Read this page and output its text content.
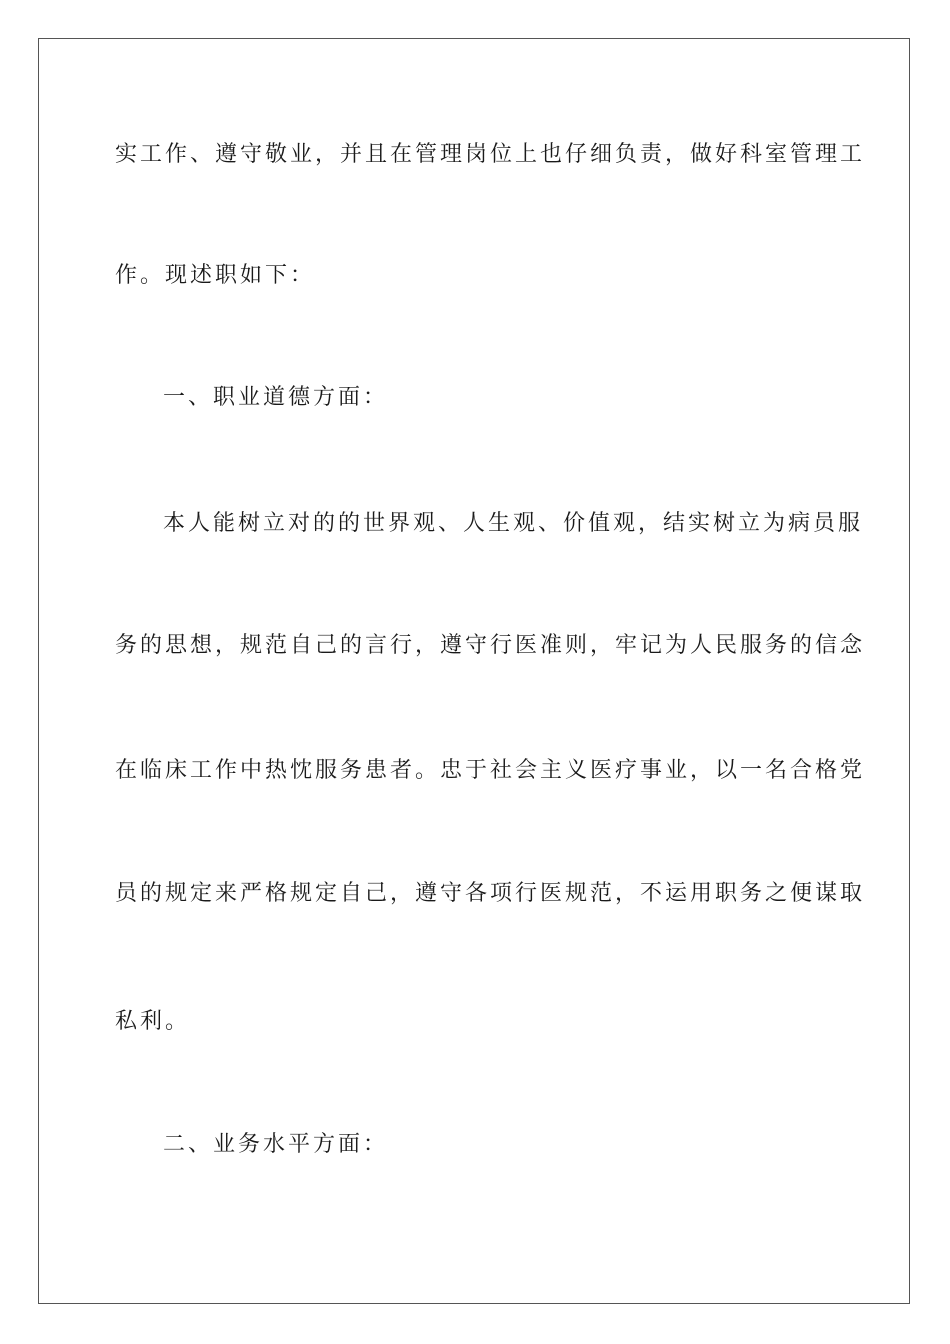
实工作、遵守敬业，并且在管理岗位上也仔细负责，做好科室管理工
作。现述职如下：
一、职业道德方面：
本人能树立对的的世界观、人生观、价值观，结实树立为病员服
务的思想，规范自己的言行，遵守行医准则，牢记为人民服务的信念
在临床工作中热忱服务患者。忠于社会主义医疗事业，以一名合格党
员的规定来严格规定自己，遵守各项行医规范，不运用职务之便谋取
私利。
二、业务水平方面：
